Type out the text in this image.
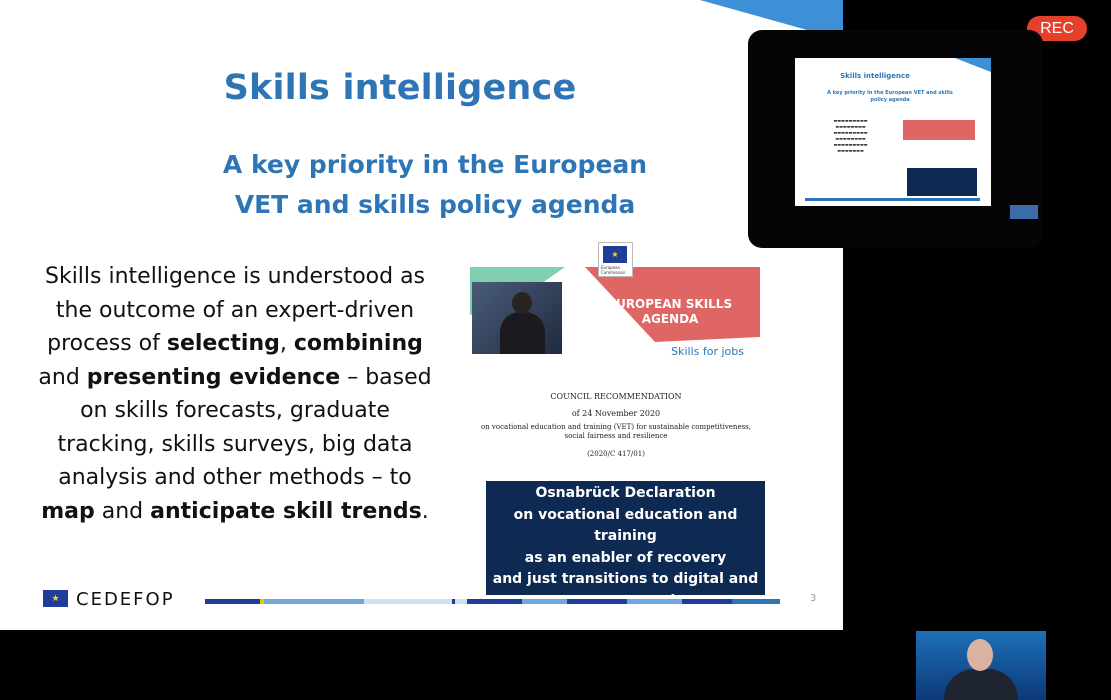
Skills intelligence
A key priority in the European
VET and skills policy agenda
Skills intelligence is understood as
the outcome of an expert-driven
process of selecting, combining
and presenting evidence – based
on skills forecasts, graduate
tracking, skills surveys, big data
analysis and other methods – to
map and anticipate skill trends.
★
European Commission
EUROPEAN SKILLS AGENDA
Skills for jobs
COUNCIL RECOMMENDATION
of 24 November 2020
on vocational education and training (VET) for sustainable competitiveness, social fairness and resilience
(2020/C 417/01)
Osnabrück Declaration
on vocational education and training
as an enabler of recovery
and just transitions to digital and
★ CEDEFOP	3
REC
Skills intelligence
A key priority in the European VET and skills policy agenda
▬▬▬▬▬▬▬▬▬
▬▬▬▬▬▬▬▬
▬▬▬▬▬▬▬▬▬
▬▬▬▬▬▬▬▬
▬▬▬▬▬▬▬▬▬
▬▬▬▬▬▬▬
